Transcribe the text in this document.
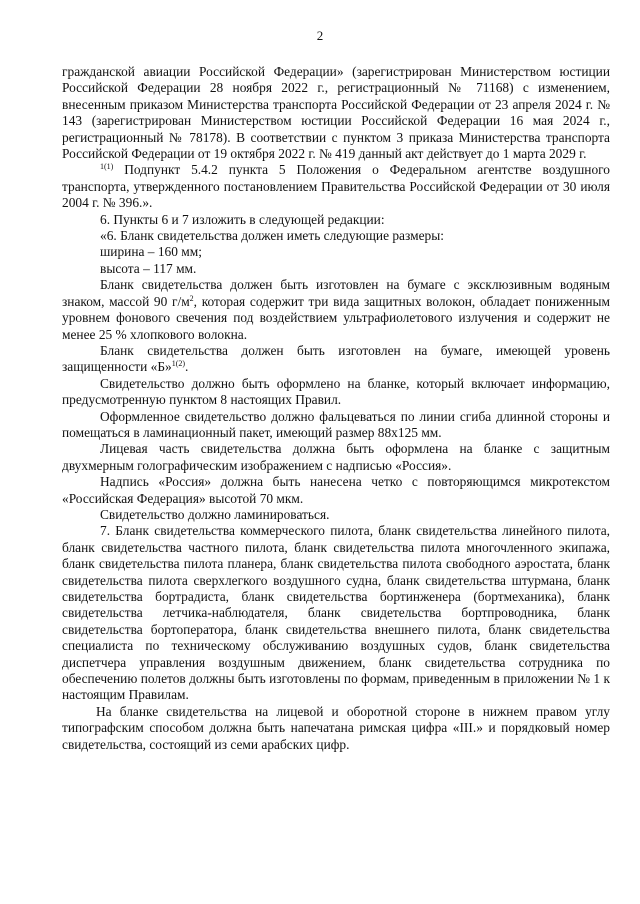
2

гражданской авиации Российской Федерации» (зарегистрирован Министерством юстиции Российской Федерации 28 ноября 2022 г., регистрационный № 71168) с изменением, внесенным приказом Министерства транспорта Российской Федерации от 23 апреля 2024 г. № 143 (зарегистрирован Министерством юстиции Российской Федерации 16 мая 2024 г., регистрационный № 78178). В соответствии с пунктом 3 приказа Министерства транспорта Российской Федерации от 19 октября 2022 г. № 419 данный акт действует до 1 марта 2029 г.

$^{1(1)}$ Подпункт 5.4.2 пункта 5 Положения о Федеральном агентстве воздушного транспорта, утвержденного постановлением Правительства Российской Федерации от 30 июля 2004 г. № 396.».

6. Пункты 6 и 7 изложить в следующей редакции:

«6. Бланк свидетельства должен иметь следующие размеры:

ширина – 160 мм;

высота – 117 мм.

Бланк свидетельства должен быть изготовлен на бумаге с эксклюзивным водяным знаком, массой 90 $г/м^2$, которая содержит три вида защитных волокон, обладает пониженным уровнем фонового свечения под воздействием ультрафиолетового излучения и содержит не менее 25 % хлопкового волокна.

Бланк свидетельства должен быть изготовлен на бумаге, имеющей уровень защищенности «Б»$^{1(2)}$.

Свидетельство должно быть оформлено на бланке, который включает информацию, предусмотренную пунктом 8 настоящих Правил.

Оформленное свидетельство должно фальцеваться по линии сгиба длинной стороны и помещаться в ламинационный пакет, имеющий размер 88х125 мм.

Лицевая часть свидетельства должна быть оформлена на бланке с защитным двухмерным голографическим изображением с надписью «Россия».

Надпись «Россия» должна быть нанесена четко с повторяющимся микротекстом «Российская Федерация» высотой 70 мкм.

Свидетельство должно ламинироваться.

7. Бланк свидетельства коммерческого пилота, бланк свидетельства линейного пилота, бланк свидетельства частного пилота, бланк свидетельства пилота многочленного экипажа, бланк свидетельства пилота планера, бланк свидетельства пилота свободного аэростата, бланк свидетельства пилота сверхлегкого воздушного судна, бланк свидетельства штурмана, бланк свидетельства бортрадиста, бланк свидетельства бортинженера (бортмеханика), бланк свидетельства летчика-наблюдателя, бланк свидетельства бортпроводника, бланк свидетельства бортоператора, бланк свидетельства внешнего пилота, бланк свидетельства специалиста по техническому обслуживанию воздушных судов, бланк свидетельства диспетчера управления воздушным движением, бланк свидетельства сотрудника по обеспечению полетов должны быть изготовлены по формам, приведенным в приложении № 1 к настоящим Правилам.

На бланке свидетельства на лицевой и оборотной стороне в нижнем правом углу типографским способом должна быть напечатана римская цифра «III.» и порядковый номер свидетельства, состоящий из семи арабских цифр.
